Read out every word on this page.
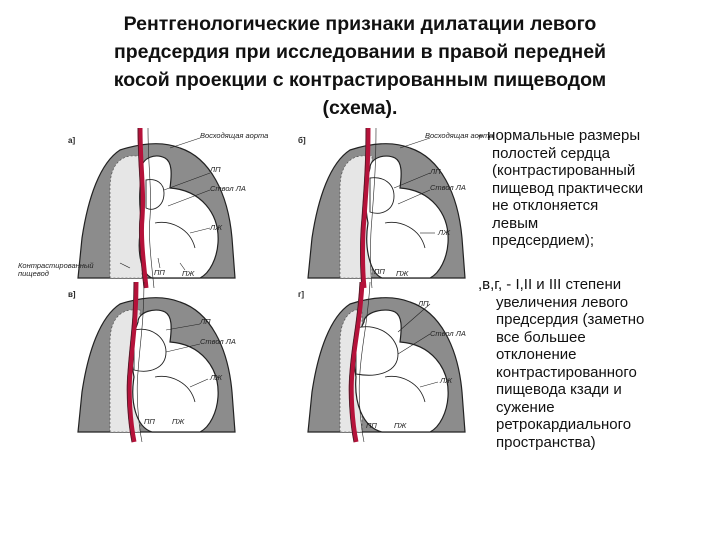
Рентгенологические признаки дилатации левого
предсердия при исследовании в правой передней
косой проекции с контрастированным пищеводом
(схема).
а]
Восходящая аорта
ЛП
Ствол ЛА
ЛЖ
ПП ПЖ
Контрастированный пищевод
б]
Восходящая аорта
ЛП
Ствол ЛА
ЛЖ
ПП ПЖ
в]
ЛП
Ствол ЛА
ЛЖ
ПП ПЖ
г]
ЛП
Ствол ЛА
ЛЖ
ПП ПЖ
- нормальные размеры
полостей сердца
(контрастированный
пищевод практически
не отклоняется
левым
предсердием);
,в,г, - I,II и III степени
увеличения левого
предсердия (заметно
все большее
отклонение
контрастированного
пищевода кзади и
сужение
ретрокардиального
пространства)
